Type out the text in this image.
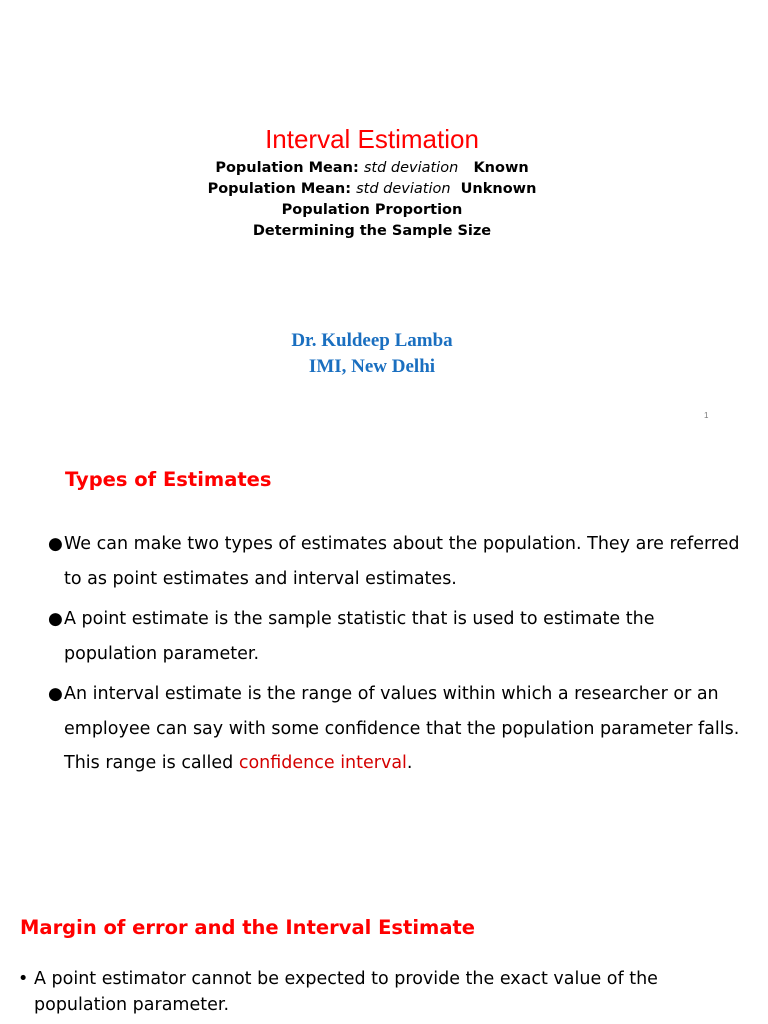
Interval Estimation
Population Mean: std deviation Known
Population Mean: std deviation Unknown
Population Proportion
Determining the Sample Size
Dr. Kuldeep Lamba
IMI, New Delhi
1
Types of Estimates
● We can make two types of estimates about the population. They are referred to as point estimates and interval estimates.
● A point estimate is the sample statistic that is used to estimate the population parameter.
● An interval estimate is the range of values within which a researcher or an employee can say with some confidence that the population parameter falls. This range is called confidence interval.
Margin of error and the Interval Estimate
• A point estimator cannot be expected to provide the exact value of the population parameter.
